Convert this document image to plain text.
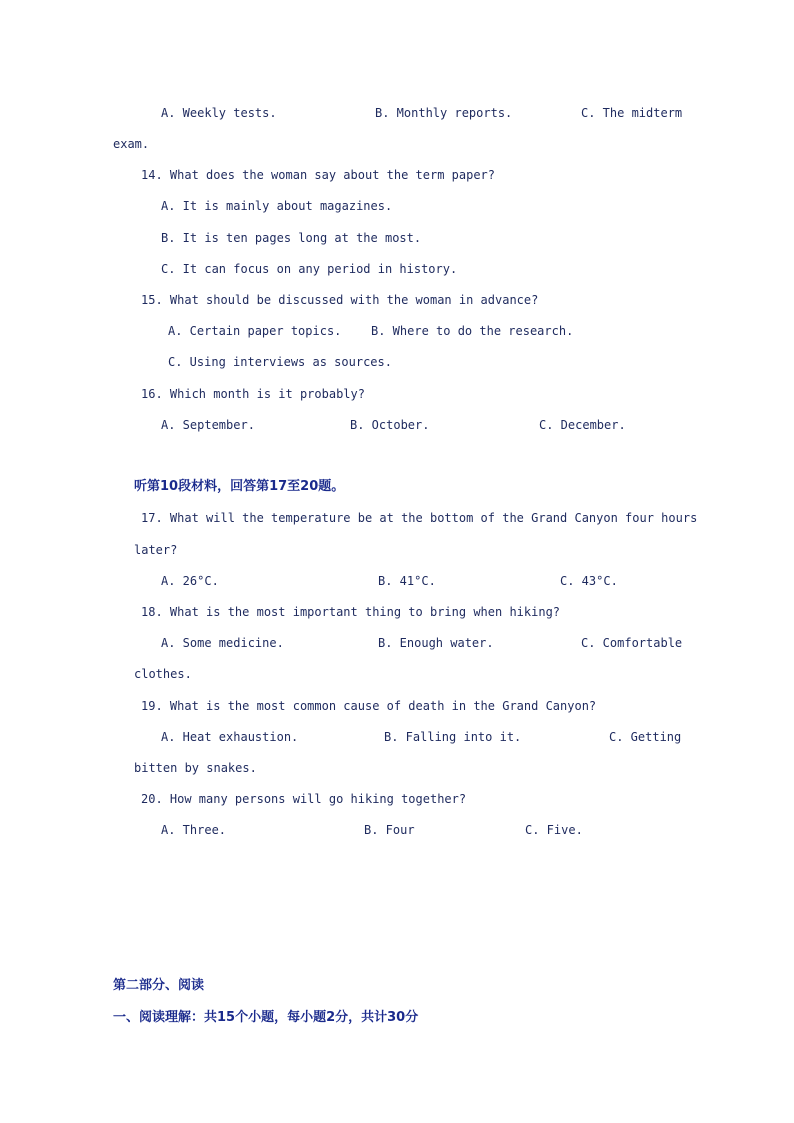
A. Weekly tests.	B. Monthly reports.	C. The midterm
exam.
14. What does the woman say about the term paper?
A. It is mainly about magazines.
B. It is ten pages long at the most.
C. It can focus on any period in history.
15. What should be discussed with the woman in advance?
A. Certain paper topics. B. Where to do the research.
C. Using interviews as sources.
16. Which month is it probably?
A. September.	B. October.	C. December.
听第10段材料，回答第17至20题。
17. What will the temperature be at the bottom of the Grand Canyon four hours
later?
A. 26°C.	B. 41°C.	C. 43°C.
18. What is the most important thing to bring when hiking?
A. Some medicine.	B. Enough water.	C. Comfortable
clothes.
19. What is the most common cause of death in the Grand Canyon?
A. Heat exhaustion.	B. Falling into it.	C. Getting
bitten by snakes.
20. How many persons will go hiking together?
A. Three.	B. Four	C. Five.
第二部分、阅读
一、阅读理解：共15个小题，每小题2分，共计30分
